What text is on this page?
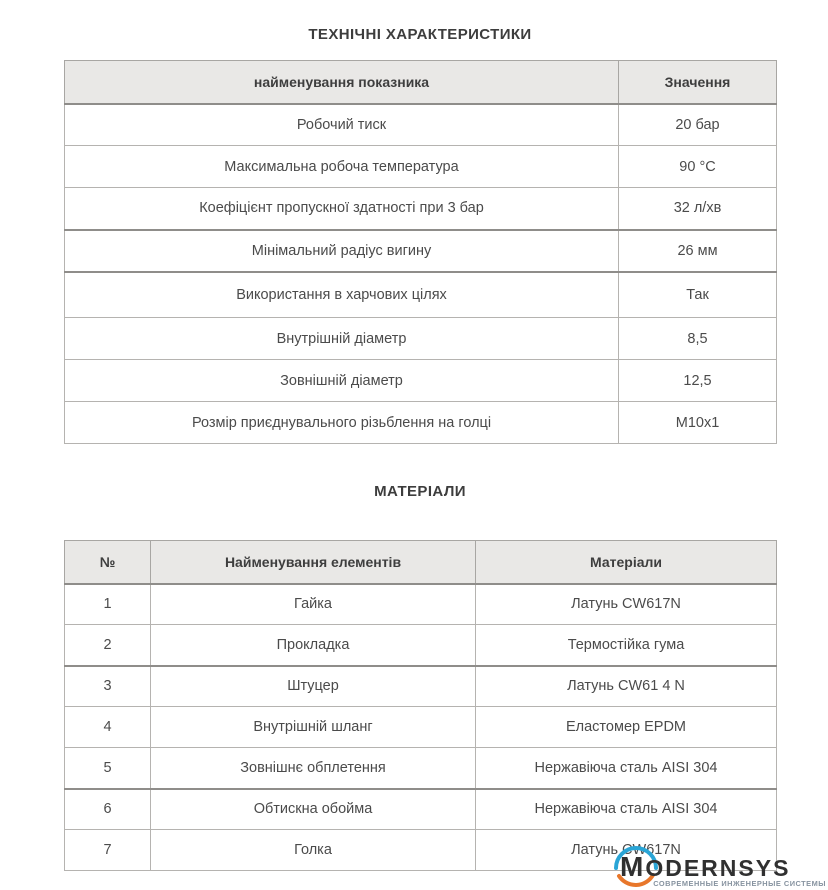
ТЕХНІЧНІ ХАРАКТЕРИСТИКИ
найменування показника	Значення
Робочий тиск	20 бар
Максимальна робоча температура	90 °C
Коефіцієнт пропускної здатності при 3 бар	32 л/хв
Мінімальний радіус вигину	26 мм
Використання в харчових цілях	Так
Внутрішній діаметр	8,5
Зовнішній діаметр	12,5
Розмір приєднувального різьблення на голці	M10x1
МАТЕРІАЛИ
№	Найменування елементів	Матеріали
1	Гайка	Латунь CW617N
2	Прокладка	Термостійка гума
3	Штуцер	Латунь CW61 4 N
4	Внутрішній шланг	Еластомер EPDM
5	Зовнішнє обплетення	Нержавіюча сталь AISI 304
6	Обтискна обойма	Нержавіюча сталь AISI 304
7	Голка	Латунь CW617N
MODERNSYS
СОВРЕМЕННЫЕ ИНЖЕНЕРНЫЕ СИСТЕМЫ
